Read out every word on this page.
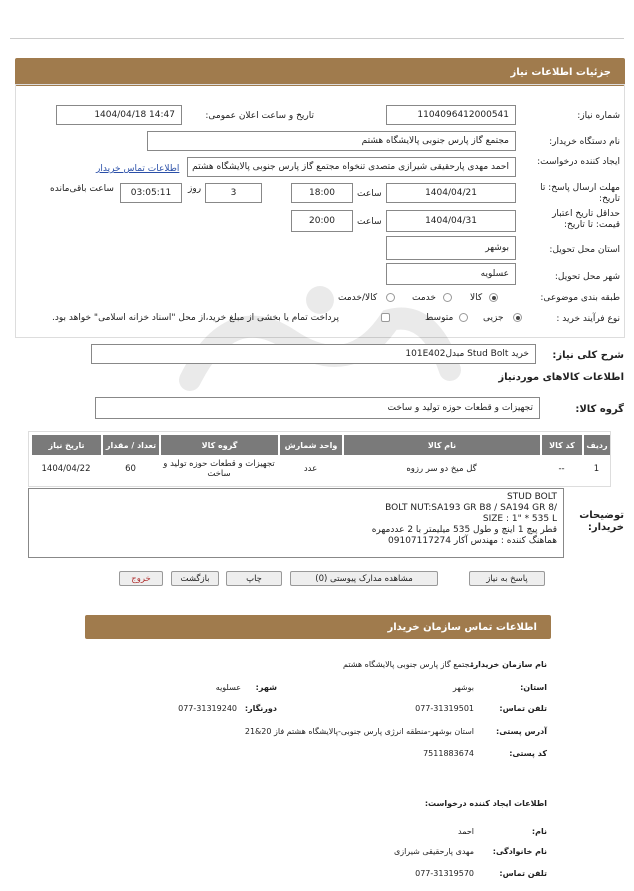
جزئیات اطلاعات نیاز
شماره نیاز:
1104096412000541
تاریخ و ساعت اعلان عمومی:
1404/04/18 14:47
نام دستگاه خریدار:
مجتمع گاز پارس جنوبی پالایشگاه هشتم
ایجاد کننده درخواست:
احمد مهدی پارحقیقی شیرازی متصدی تنخواه مجتمع گاز پارس جنوبی پالایشگاه هشتم
اطلاعات تماس خریدار
مهلت ارسال پاسخ: تا تاریخ:
1404/04/21
ساعت
18:00
3
روز
03:05:11
ساعت باقی‌مانده
حداقل تاریخ اعتبار قیمت: تا تاریخ:
1404/04/31
ساعت
20:00
استان محل تحویل:
بوشهر
شهر محل تحویل:
عسلویه
طبقه بندی موضوعی:
کالا
خدمت
کالا/خدمت
نوع فرآیند خرید :
جزیی
متوسط
پرداخت تمام یا بخشی از مبلغ خرید،از محل "اسناد خزانه اسلامی" خواهد بود.
شرح کلی نیاز:
خرید Stud Bolt مبدل101E402
اطلاعات کالاهای موردنیاز
گروه کالا:
تجهیزات و قطعات حوزه تولید و ساخت
ردیف
کد کالا
نام کالا
واحد شمارش
گروه کالا
تعداد / مقدار
تاریخ نیاز
1
--
گل میخ دو سر رزوه
عدد
تجهیزات و قطعات حوزه تولید و ساخت
60
1404/04/22
توضیحات خریدار:
STUD BOLT
BOLT NUT:SA193 GR B8 / SA194 GR 8/
SIZE : 1" * 535 L
قطر پیچ 1 اینچ و طول 535 میلیمتر با 2 عددمهره
هماهنگ کننده : مهندس آکار 09107117274
پاسخ به نیاز
مشاهده مدارک پیوستی (0)
چاپ
بازگشت
خروج
اطلاعات تماس سازمان خریدار
نام سازمان خریدار:
مجتمع گاز پارس جنوبی پالایشگاه هشتم
استان:
بوشهر
شهر:
عسلویه
تلفن تماس:
077-31319501
دورنگار:
077-31319240
آدرس پستی:
استان بوشهر-منطقه انرژی پارس جنوبی-پالایشگاه هشتم فاز 20&21
کد پستی:
7511883674
اطلاعات ایجاد کننده درخواست:
نام:
احمد
نام خانوادگی:
مهدی پارحقیقی شیرازی
تلفن تماس:
077-31319570
